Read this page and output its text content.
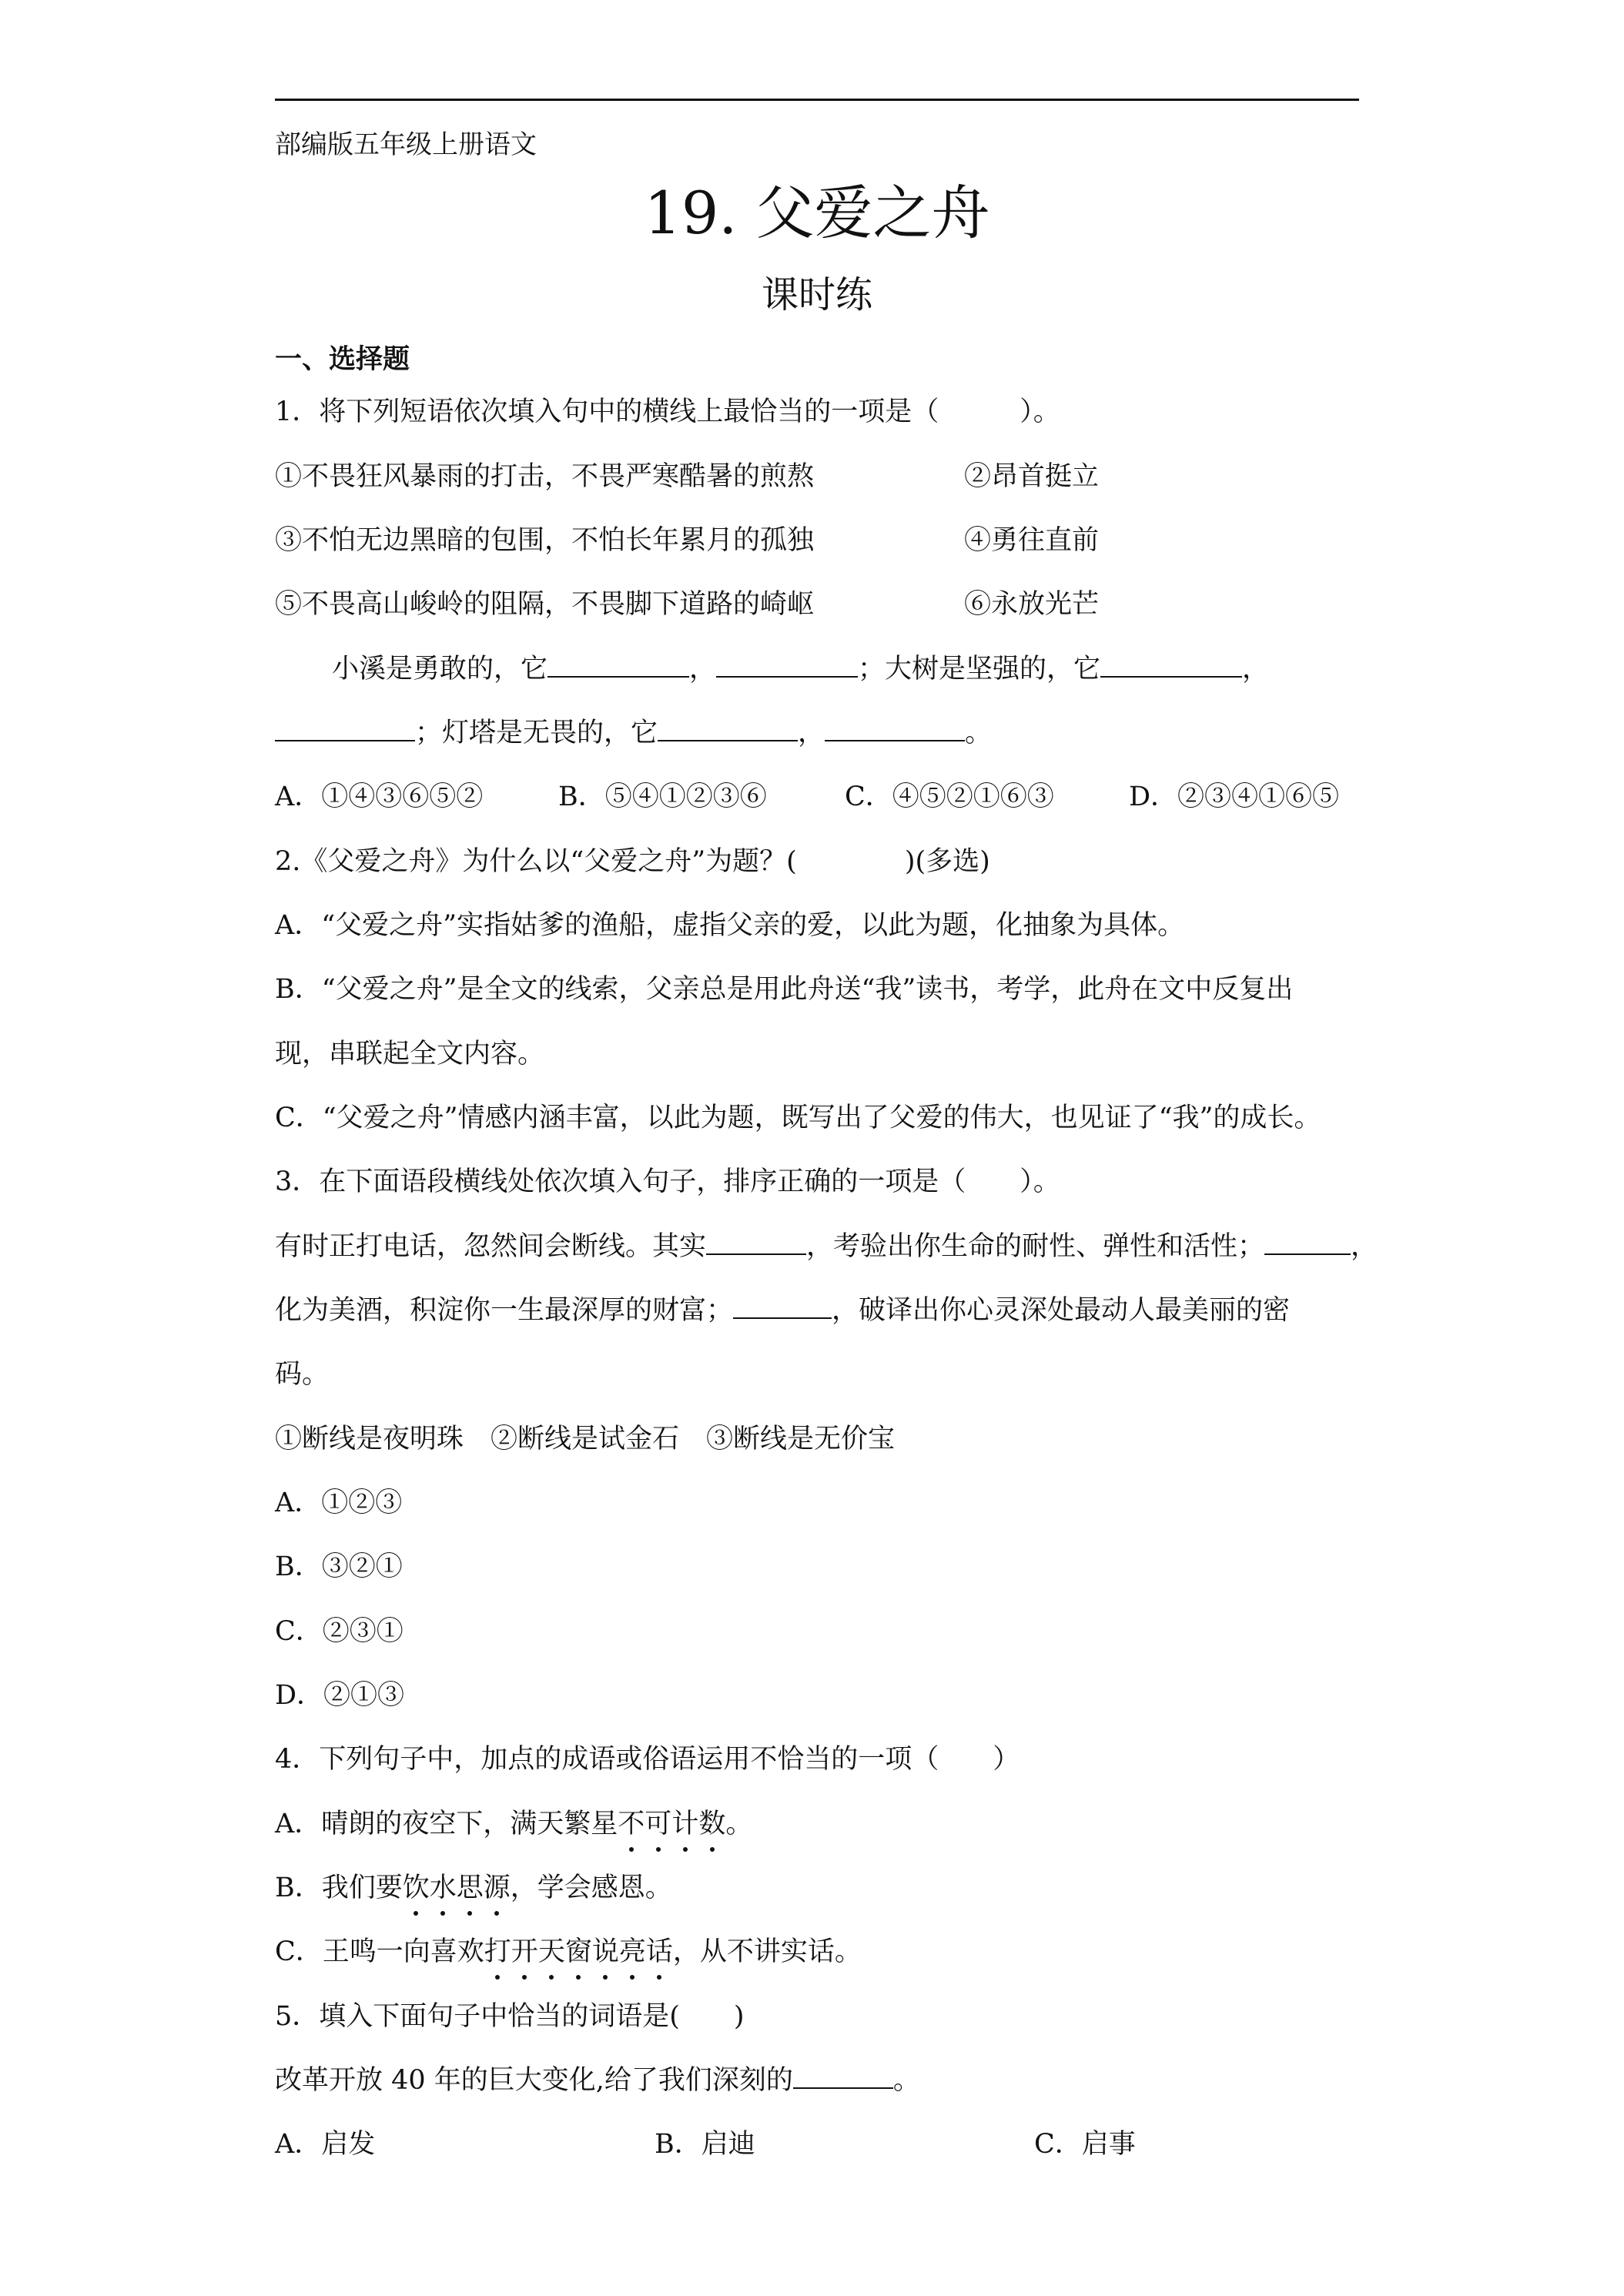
部编版五年级上册语文
19. 父爱之舟
课时练
一、选择题
1．将下列短语依次填入句中的横线上最恰当的一项是（　　　）。
①不畏狂风暴雨的打击，不畏严寒酷暑的煎熬	②昂首挺立
③不怕无边黑暗的包围，不怕长年累月的孤独	④勇往直前
⑤不畏高山峻岭的阻隔，不畏脚下道路的崎岖	⑥永放光芒
小溪是勇敢的，它	，	；大树是坚强的，它	，
；灯塔是无畏的，它	，	。
A．①④③⑥⑤②	B．⑤④①②③⑥	C．④⑤②①⑥③	D．②③④①⑥⑤
2.《父爱之舟》为什么以“父爱之舟”为题？(　　　　)(多选)
A．“父爱之舟”实指姑爹的渔船，虚指父亲的爱，以此为题，化抽象为具体。
B．“父爱之舟”是全文的线索，父亲总是用此舟送“我”读书，考学，此舟在文中反复出
现，串联起全文内容。
C．“父爱之舟”情感内涵丰富，以此为题，既写出了父爱的伟大，也见证了“我”的成长。
3．在下面语段横线处依次填入句子，排序正确的一项是（　　）。
有时正打电话，忽然间会断线。其实	，考验出你生命的耐性、弹性和活性；	，
化为美酒，积淀你一生最深厚的财富；	，破译出你心灵深处最动人最美丽的密
码。
①断线是夜明珠　②断线是试金石　③断线是无价宝
A．①②③
B．③②①
C．②③①
D．②①③
4．下列句子中，加点的成语或俗语运用不恰当的一项（　　）
A．晴朗的夜空下，满天繁星不可计数。
B．我们要饮水思源，学会感恩。
C．王鸣一向喜欢打开天窗说亮话，从不讲实话。
5．填入下面句子中恰当的词语是(　　)
改革开放 40 年的巨大变化,给了我们深刻的	。
A．启发	B．启迪	C．启事
